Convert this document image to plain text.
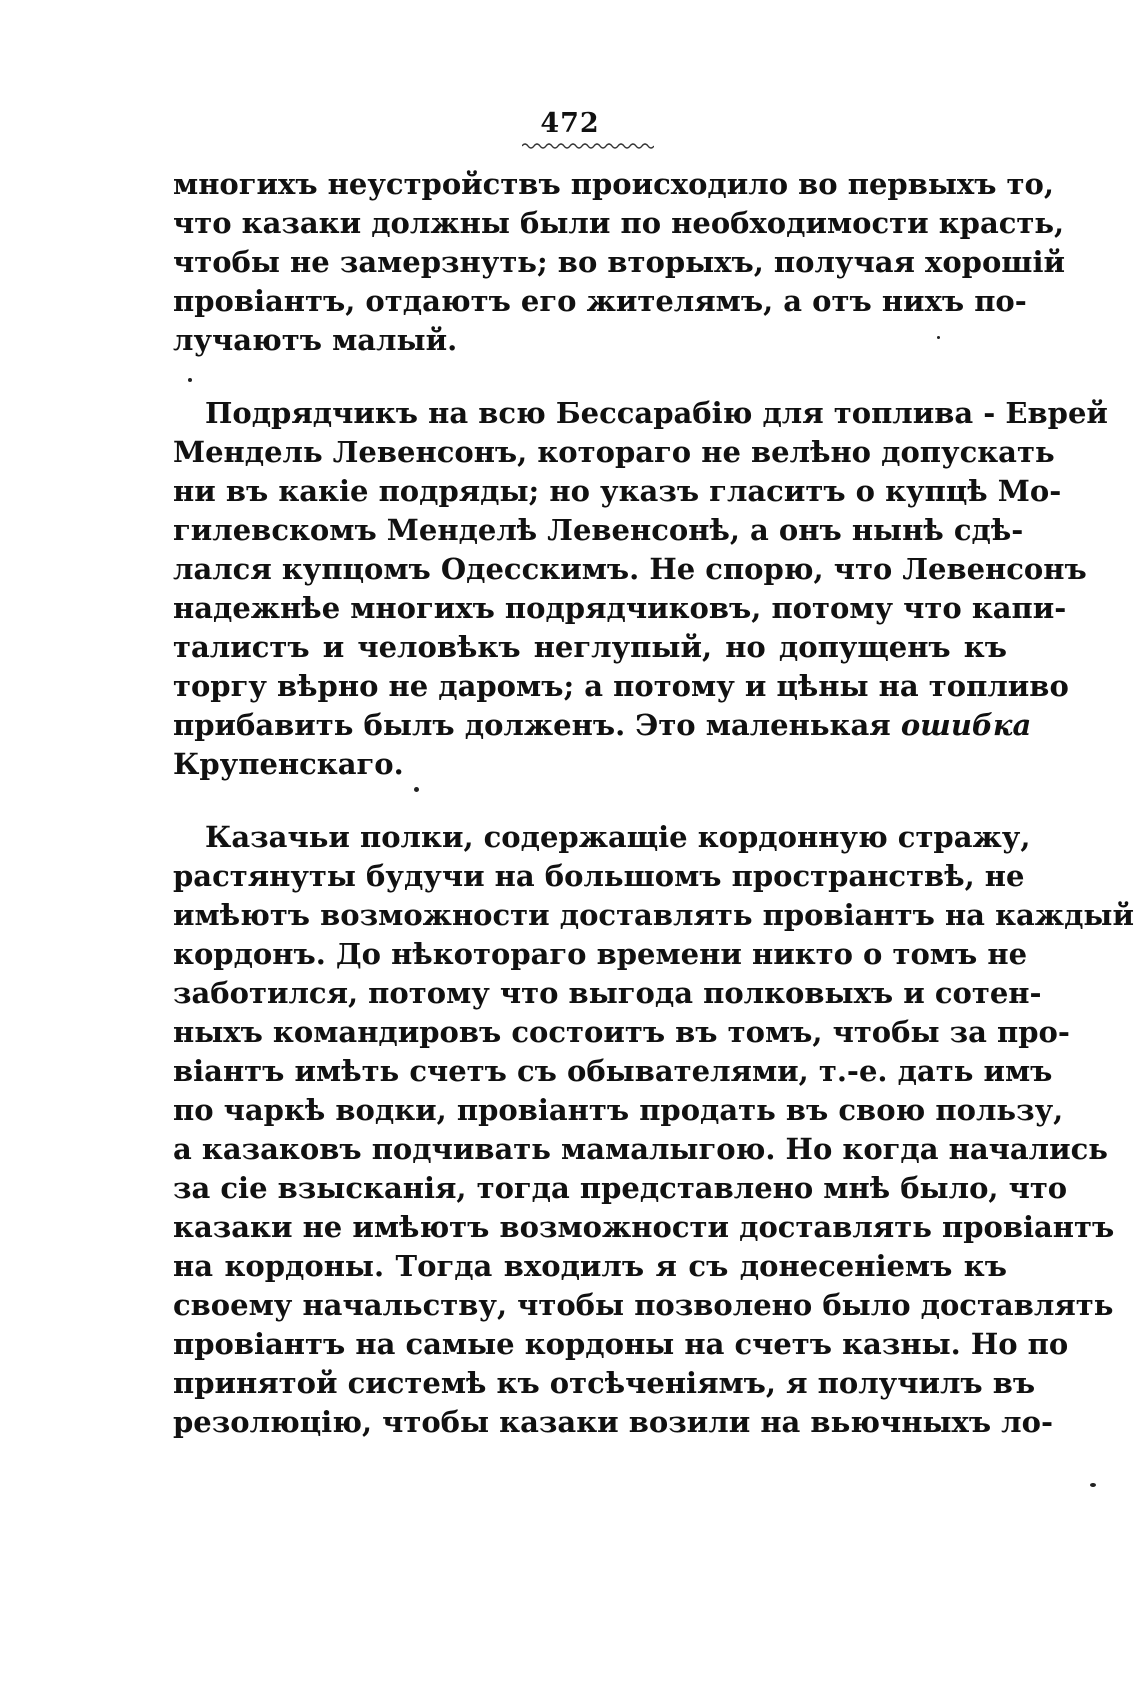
472
многихъ неустройствъ происходило во первыхъ то,
что казаки должны были по необходимости красть,
чтобы не замерзнуть; во вторыхъ, получая хорошій
провіантъ, отдаютъ его жителямъ, а отъ нихъ по-
лучаютъ малый.
Подрядчикъ на всю Бессарабію для топлива - Еврей
Мендель Левенсонъ, котораго не велѣно допускать
ни въ какіе подряды; но указъ гласитъ о купцѣ Мо-
гилевскомъ Менделѣ Левенсонѣ, а онъ нынѣ сдѣ-
лался купцомъ Одесскимъ. Не спорю, что Левенсонъ
надежнѣе многихъ подрядчиковъ, потому что капи-
талистъ и человѣкъ неглупый, но допущенъ къ
торгу вѣрно не даромъ; а потому и цѣны на топливо
прибавить былъ долженъ. Это маленькая ошибка
Крупенскаго.
Казачьи полки, содержащіе кордонную стражу,
растянуты будучи на большомъ пространствѣ, не
имѣютъ возможности доставлять провіантъ на каждый
кордонъ. До нѣкотораго времени никто о томъ не
заботился, потому что выгода полковыхъ и сотен-
ныхъ командировъ состоитъ въ томъ, чтобы за про-
віантъ имѣть счетъ съ обывателями, т.-е. дать имъ
по чаркѣ водки, провіантъ продать въ свою пользу,
а казаковъ подчивать мамалыгою. Но когда начались
за сіе взысканія, тогда представлено мнѣ было, что
казаки не имѣютъ возможности доставлять провіантъ
на кордоны. Тогда входилъ я съ донесеніемъ къ
своему начальству, чтобы позволено было доставлять
провіантъ на самые кордоны на счетъ казны. Но по
принятой системѣ къ отсѣченіямъ, я получилъ въ
резолюцію, чтобы казаки возили на вьючныхъ ло-
